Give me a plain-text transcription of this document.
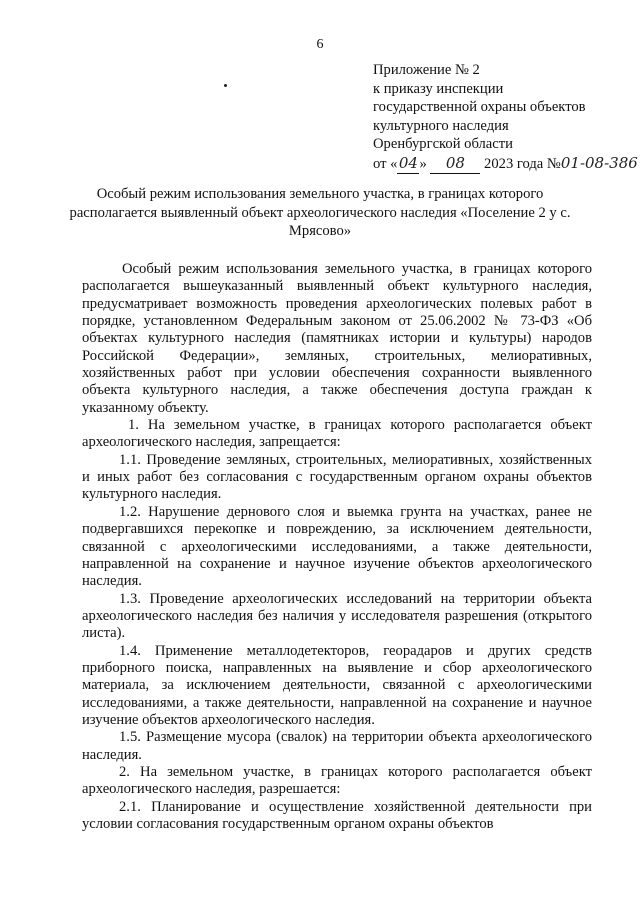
6
Приложение № 2
к приказу инспекции
государственной охраны объектов
культурного наследия
Оренбургской области
от «04» 08 2023 года №01-08-386
Особый режим использования земельного участка, в границах которого располагается выявленный объект археологического наследия «Поселение 2 у с. Мрясово»

Особый режим использования земельного участка, в границах которого располагается вышеуказанный выявленный объект культурного наследия, предусматривает возможность проведения археологических полевых работ в порядке, установленном Федеральным законом от 25.06.2002 № 73-ФЗ «Об объектах культурного наследия (памятниках истории и культуры) народов Российской Федерации», земляных, строительных, мелиоративных, хозяйственных работ при условии обеспечения сохранности выявленного объекта культурного наследия, а также обеспечения доступа граждан к указанному объекту.

1. На земельном участке, в границах которого располагается объект археологического наследия, запрещается:

1.1. Проведение земляных, строительных, мелиоративных, хозяйственных и иных работ без согласования с государственным органом охраны объектов культурного наследия.

1.2. Нарушение дернового слоя и выемка грунта на участках, ранее не подвергавшихся перекопке и повреждению, за исключением деятельности, связанной с археологическими исследованиями, а также деятельности, направленной на сохранение и научное изучение объектов археологического наследия.

1.3. Проведение археологических исследований на территории объекта археологического наследия без наличия у исследователя разрешения (открытого листа).

1.4. Применение металлодетекторов, георадаров и других средств приборного поиска, направленных на выявление и сбор археологического материала, за исключением деятельности, связанной с археологическими исследованиями, а также деятельности, направленной на сохранение и научное изучение объектов археологического наследия.

1.5. Размещение мусора (свалок) на территории объекта археологического наследия.

2. На земельном участке, в границах которого располагается объект археологического наследия, разрешается:

2.1. Планирование и осуществление хозяйственной деятельности при условии согласования государственным органом охраны объектов
